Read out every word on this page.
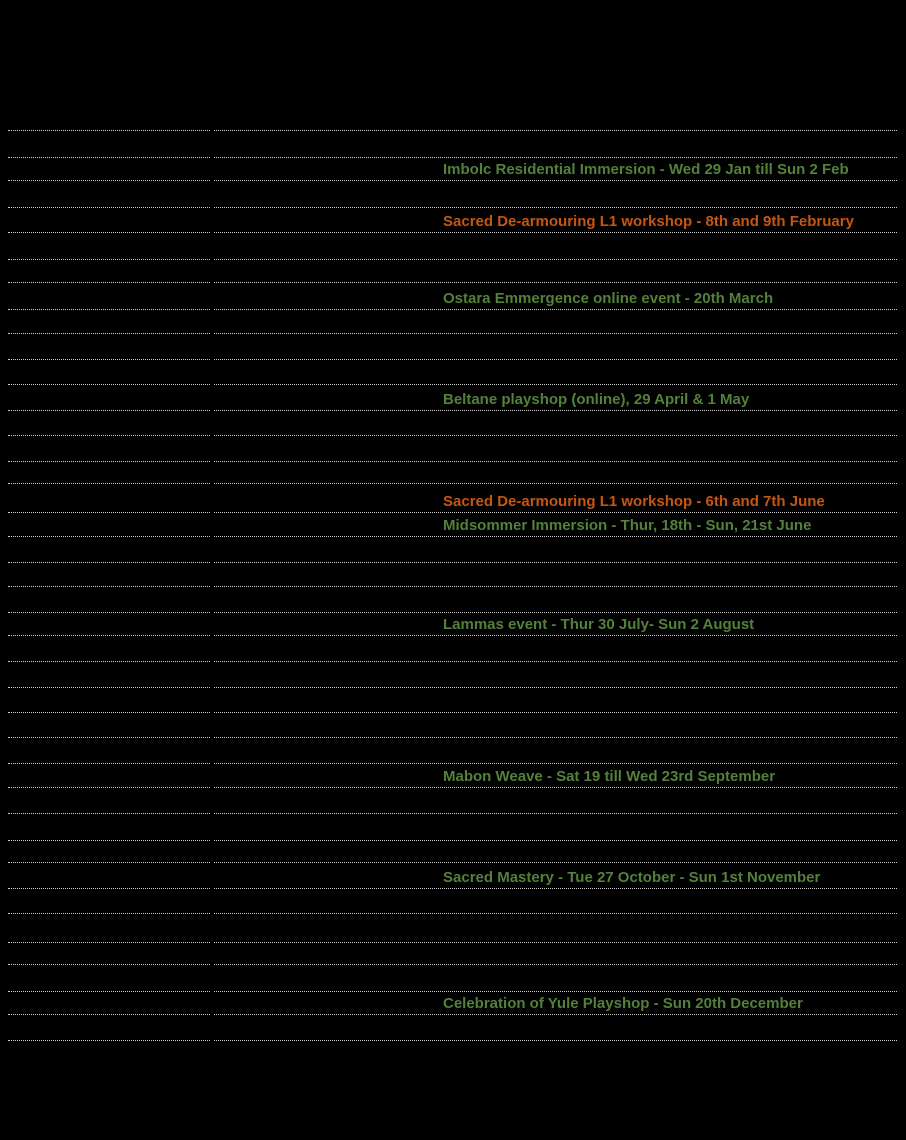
Imbolc Residential Immersion - Wed 29 Jan till Sun 2 Feb
Sacred De-armouring L1 workshop - 8th and 9th February
Ostara Emmergence online event - 20th March
Beltane playshop (online), 29 April & 1 May
Sacred De-armouring L1 workshop - 6th and 7th June
Midsommer Immersion - Thur, 18th - Sun, 21st June
Lammas event - Thur 30 July- Sun 2 August
Mabon Weave - Sat 19 till Wed 23rd September
Sacred Mastery - Tue 27 October - Sun 1st November
Celebration of Yule Playshop - Sun 20th December
